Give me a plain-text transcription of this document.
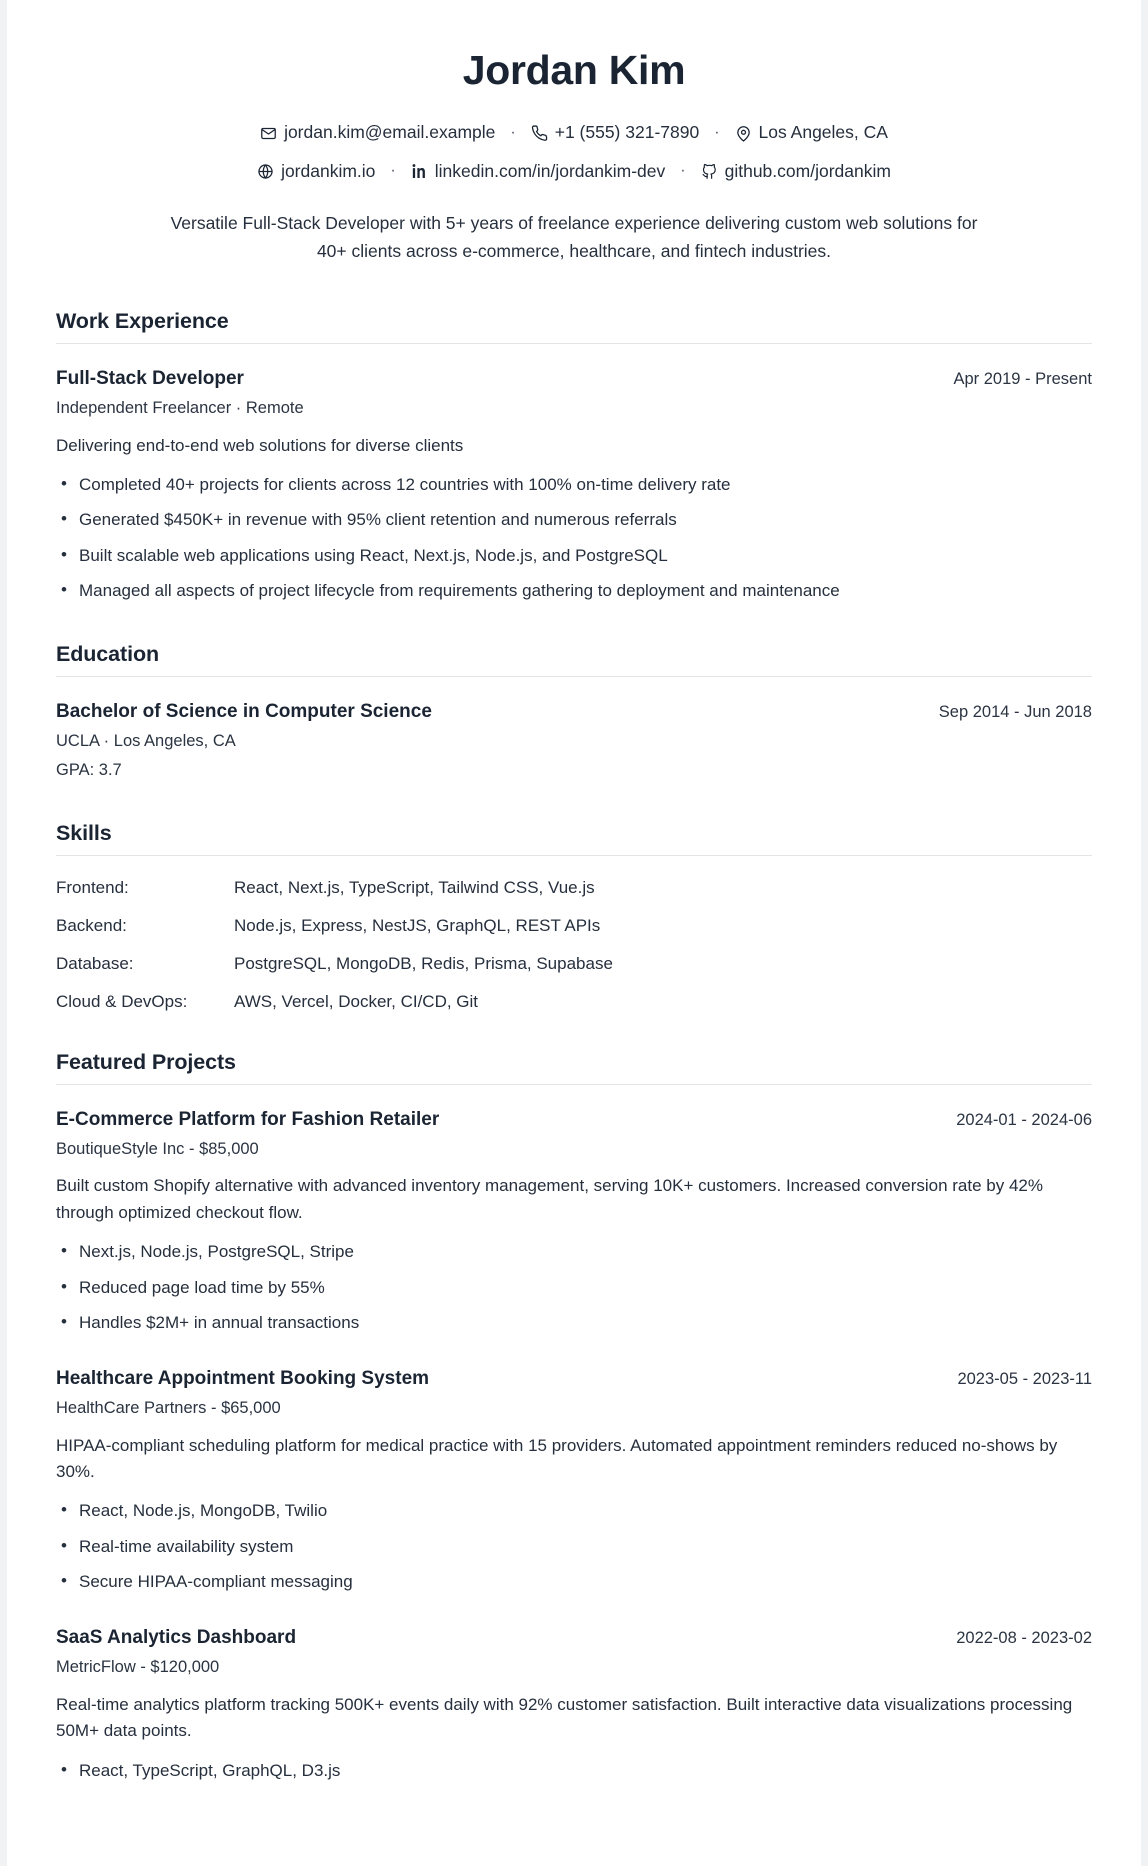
Jordan Kim
jordan.kim@email.example ·	+1 (555) 321-7890 ·	Los Angeles, CA
jordankim.io ·	linkedin.com/in/jordankim-dev ·	github.com/jordankim

Versatile Full-Stack Developer with 5+ years of freelance experience delivering custom web solutions for 40+ clients across e-commerce, healthcare, and fintech industries.

Work Experience
Full-Stack Developer	Apr 2019 - Present
Independent Freelancer · Remote
Delivering end-to-end web solutions for diverse clients
• Completed 40+ projects for clients across 12 countries with 100% on-time delivery rate
• Generated $450K+ in revenue with 95% client retention and numerous referrals
• Built scalable web applications using React, Next.js, Node.js, and PostgreSQL
• Managed all aspects of project lifecycle from requirements gathering to deployment and maintenance
Education
Bachelor of Science in Computer Science	Sep 2014 - Jun 2018
UCLA · Los Angeles, CA
GPA: 3.7
Skills
Frontend:	React, Next.js, TypeScript, Tailwind CSS, Vue.js
Backend:	Node.js, Express, NestJS, GraphQL, REST APIs
Database:	PostgreSQL, MongoDB, Redis, Prisma, Supabase
Cloud & DevOps:	AWS, Vercel, Docker, CI/CD, Git
Featured Projects
E-Commerce Platform for Fashion Retailer	2024-01 - 2024-06
BoutiqueStyle Inc - $85,000
Built custom Shopify alternative with advanced inventory management, serving 10K+ customers. Increased conversion rate by 42% through optimized checkout flow.
• Next.js, Node.js, PostgreSQL, Stripe
• Reduced page load time by 55%
• Handles $2M+ in annual transactions
Healthcare Appointment Booking System	2023-05 - 2023-11
HealthCare Partners - $65,000
HIPAA-compliant scheduling platform for medical practice with 15 providers. Automated appointment reminders reduced no-shows by 30%.
• React, Node.js, MongoDB, Twilio
• Real-time availability system
• Secure HIPAA-compliant messaging
SaaS Analytics Dashboard	2022-08 - 2023-02
MetricFlow - $120,000
Real-time analytics platform tracking 500K+ events daily with 92% customer satisfaction. Built interactive data visualizations processing 50M+ data points.
• React, TypeScript, GraphQL, D3.js
